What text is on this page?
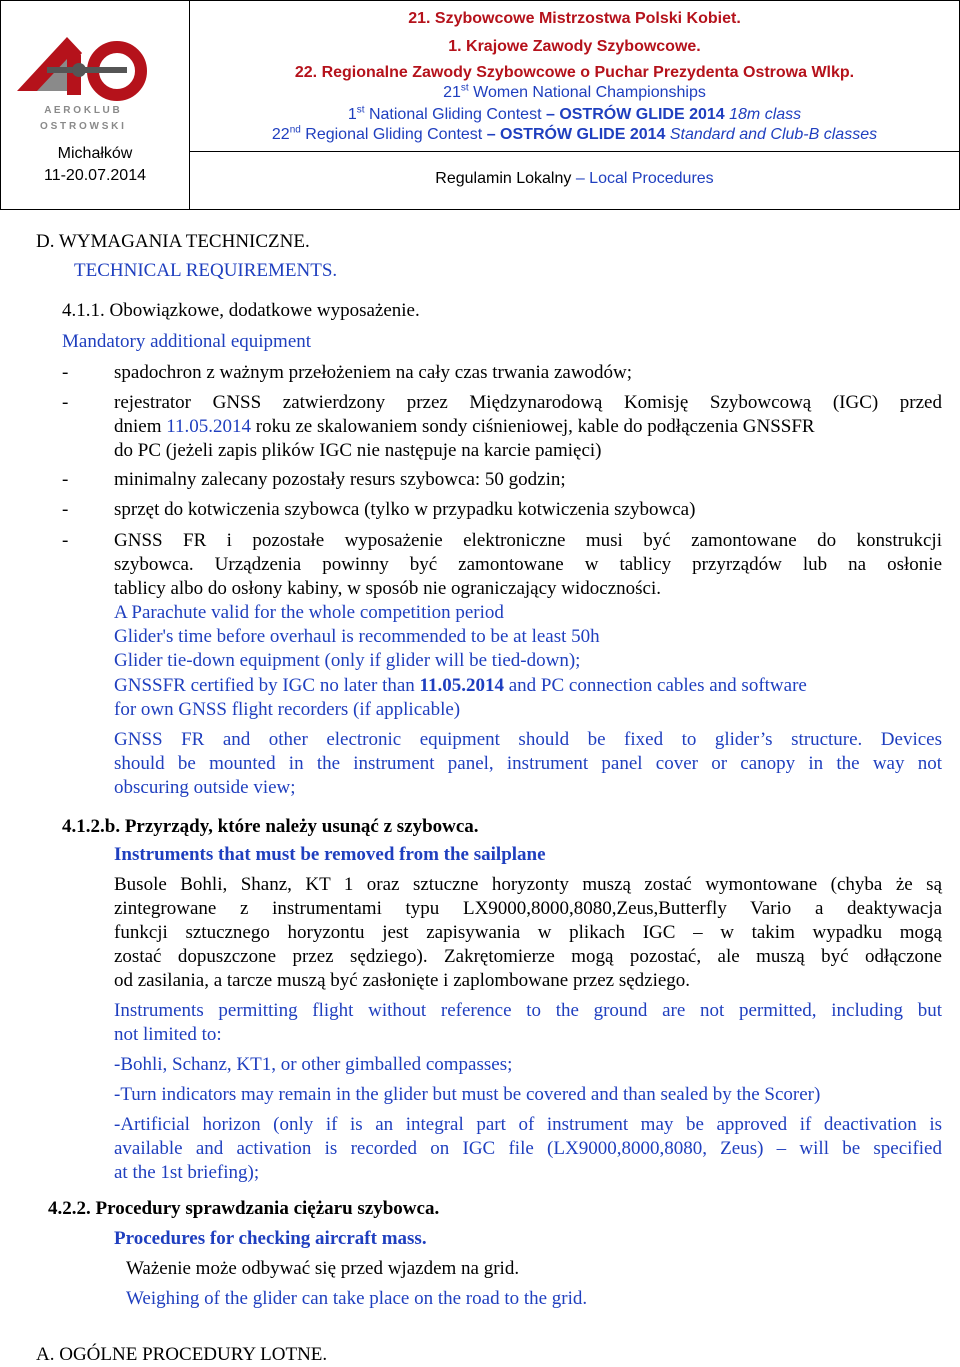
A E R O K L U B
O S T R O W S K I
Michałków
11-20.07.2014
21. Szybowcowe Mistrzostwa Polski Kobiet.
1. Krajowe Zawody Szybowcowe.
22. Regionalne Zawody Szybowcowe o Puchar Prezydenta Ostrowa Wlkp.
21st Women National Championships
1st National Gliding Contest – OSTRÓW GLIDE 2014 18m class
22nd Regional Gliding Contest – OSTRÓW GLIDE 2014 Standard and Club-B classes
Regulamin Lokalny – Local Procedures
D. WYMAGANIA TECHNICZNE.
TECHNICAL REQUIREMENTS.
4.1.1. Obowiązkowe, dodatkowe wyposażenie.
Mandatory additional equipment
- spadochron z ważnym przełożeniem na cały czas trwania zawodów;
- rejestrator GNSS zatwierdzony przez Międzynarodową Komisję Szybowcową (IGC) przed
dniem 11.05.2014 roku ze skalowaniem sondy ciśnieniowej, kable do podłączenia GNSSFR
do PC (jeżeli zapis plików IGC nie następuje na karcie pamięci)
- minimalny zalecany pozostały resurs szybowca: 50 godzin;
- sprzęt do kotwiczenia szybowca (tylko w przypadku kotwiczenia szybowca)
- GNSS FR i pozostałe wyposażenie elektroniczne musi być zamontowane do konstrukcji
szybowca. Urządzenia powinny być zamontowane w tablicy przyrządów lub na osłonie
tablicy albo do osłony kabiny, w sposób nie ograniczający widoczności.
A Parachute valid for the whole competition period
Glider's time before overhaul is recommended to be at least 50h
Glider tie-down equipment (only if glider will be tied-down);
GNSSFR certified by IGC no later than 11.05.2014 and PC connection cables and software
for own GNSS flight recorders (if applicable)
GNSS FR and other electronic equipment should be fixed to glider’s structure. Devices
should be mounted in the instrument panel, instrument panel cover or canopy in the way not
obscuring outside view;
4.1.2.b. Przyrządy, które należy usunąć z szybowca.
Instruments that must be removed from the sailplane
Busole Bohli, Shanz, KT 1 oraz sztuczne horyzonty muszą zostać wymontowane (chyba że są
zintegrowane z instrumentami typu LX9000,8000,8080,Zeus,Butterfly Vario a deaktywacja
funkcji sztucznego horyzontu jest zapisywania w plikach IGC – w takim wypadku mogą
zostać dopuszczone przez sędziego). Zakrętomierze mogą pozostać, ale muszą być odłączone
od zasilania, a tarcze muszą być zasłonięte i zaplombowane przez sędziego.
Instruments permitting flight without reference to the ground are not permitted, including but
not limited to:
-Bohli, Schanz, KT1, or other gimballed compasses;
-Turn indicators may remain in the glider but must be covered and than sealed by the Scorer)
-Artificial horizon (only if is an integral part of instrument may be approved if deactivation is
available and activation is recorded on IGC file (LX9000,8000,8080, Zeus) – will be specified
at the 1st briefing);
4.2.2. Procedury sprawdzania ciężaru szybowca.
Procedures for checking aircraft mass.
Ważenie może odbywać się przed wjazdem na grid.
Weighing of the glider can take place on the road to the grid.
A. OGÓLNE PROCEDURY LOTNE.
